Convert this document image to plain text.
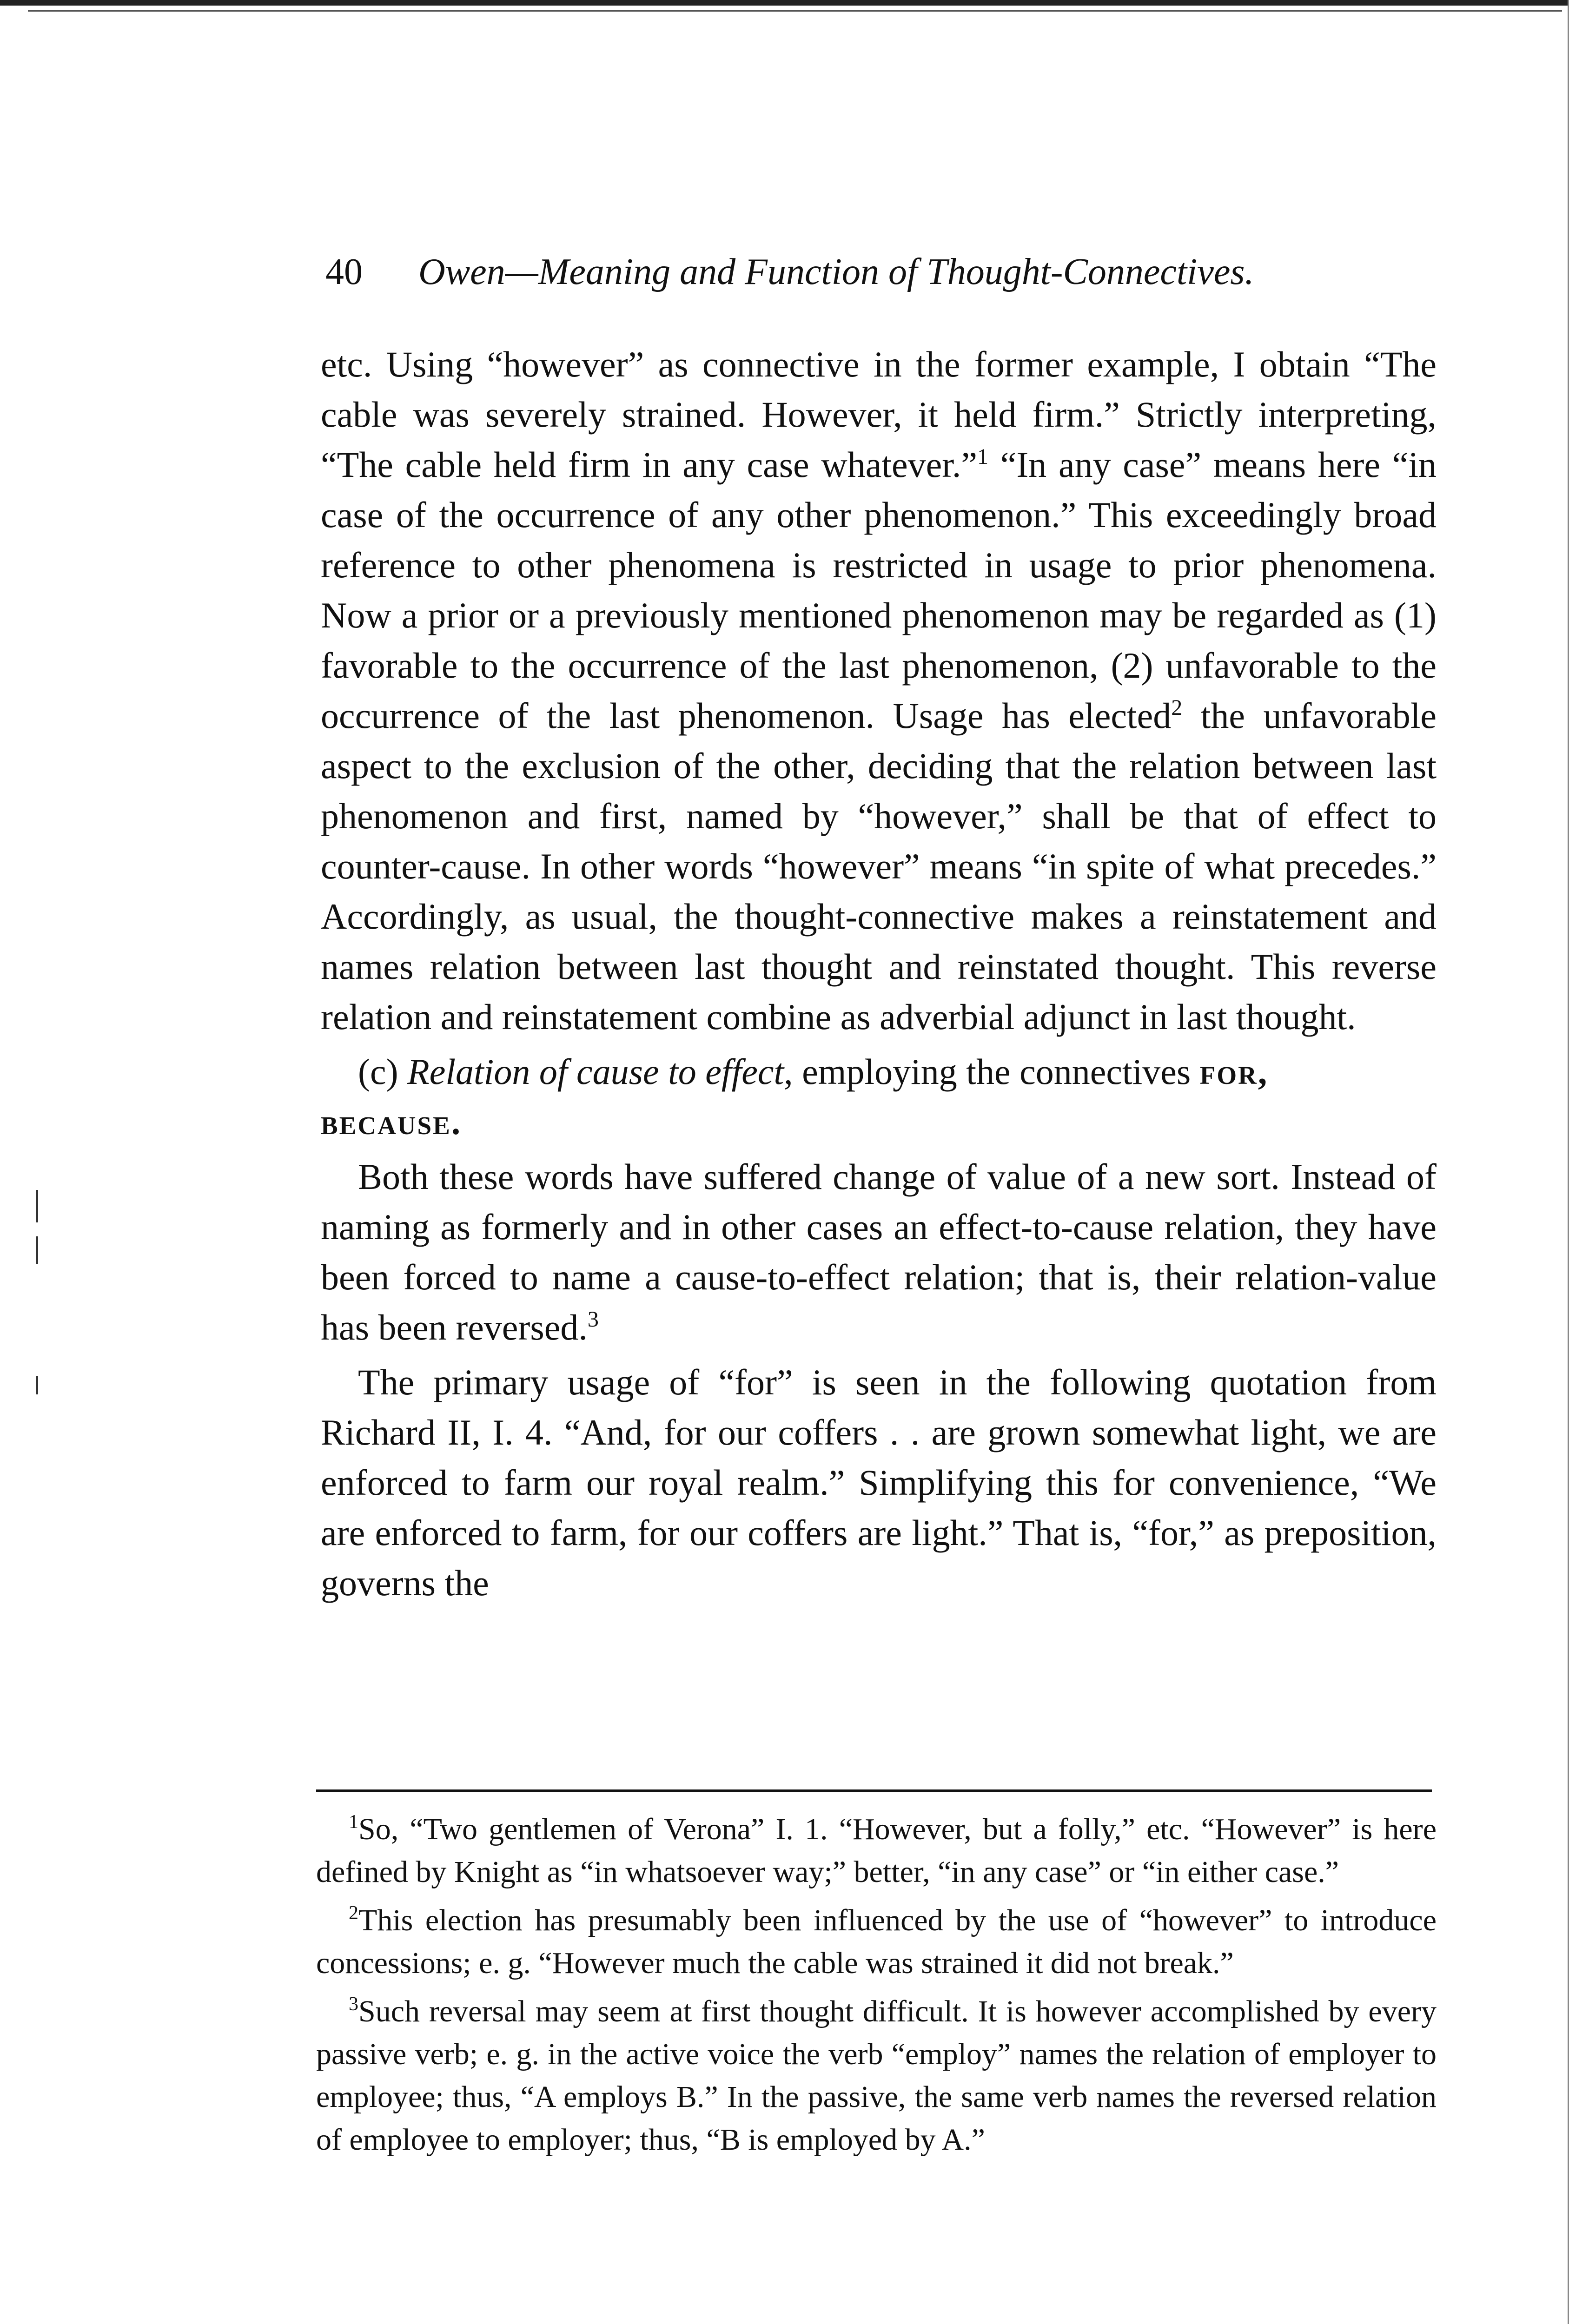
40 Owen—Meaning and Function of Thought-Connectives.

etc. Using “however” as connective in the former example, I obtain “The cable was severely strained. However, it held firm.” Strictly interpreting, “The cable held firm in any case whatever.”$^1$ “In any case” means here “in case of the occurrence of any other phenomenon.” This exceedingly broad reference to other phenomena is restricted in usage to prior phenomena. Now a prior or a previously mentioned phenomenon may be regarded as (1) favorable to the occurrence of the last phenomenon, (2) unfavorable to the occurrence of the last phenomenon. Usage has elected$^2$ the unfavorable aspect to the exclusion of the other, deciding that the relation between last phenomenon and first, named by “however,” shall be that of effect to counter-cause. In other words “however” means “in spite of what precedes.” Accordingly, as usual, the thought-connective makes a reinstatement and names relation between last thought and reinstated thought. This reverse relation and reinstatement combine as adverbial adjunct in last thought.

(c) Relation of cause to effect, employing the connectives for,
because.

Both these words have suffered change of value of a new sort. Instead of naming as formerly and in other cases an effect-to-cause relation, they have been forced to name a cause-to-effect relation; that is, their relation-value has been reversed.$^3$

The primary usage of “for” is seen in the following quotation from Richard II, I. 4. “And, for our coffers . . are grown somewhat light, we are enforced to farm our royal realm.” Simplifying this for convenience, “We are enforced to farm, for our coffers are light.” That is, “for,” as preposition, governs the

$^1$So, “Two gentlemen of Verona” I. 1. “However, but a folly,” etc. “However” is here defined by Knight as “in whatsoever way;” better, “in any case” or “in either case.”

$^2$This election has presumably been influenced by the use of “however” to introduce concessions; e. g. “However much the cable was strained it did not break.”

$^3$Such reversal may seem at first thought difficult. It is however accomplished by every passive verb; e. g. in the active voice the verb “employ” names the relation of employer to employee; thus, “A employs B.” In the passive, the same verb names the reversed relation of employee to employer; thus, “B is employed by A.”
